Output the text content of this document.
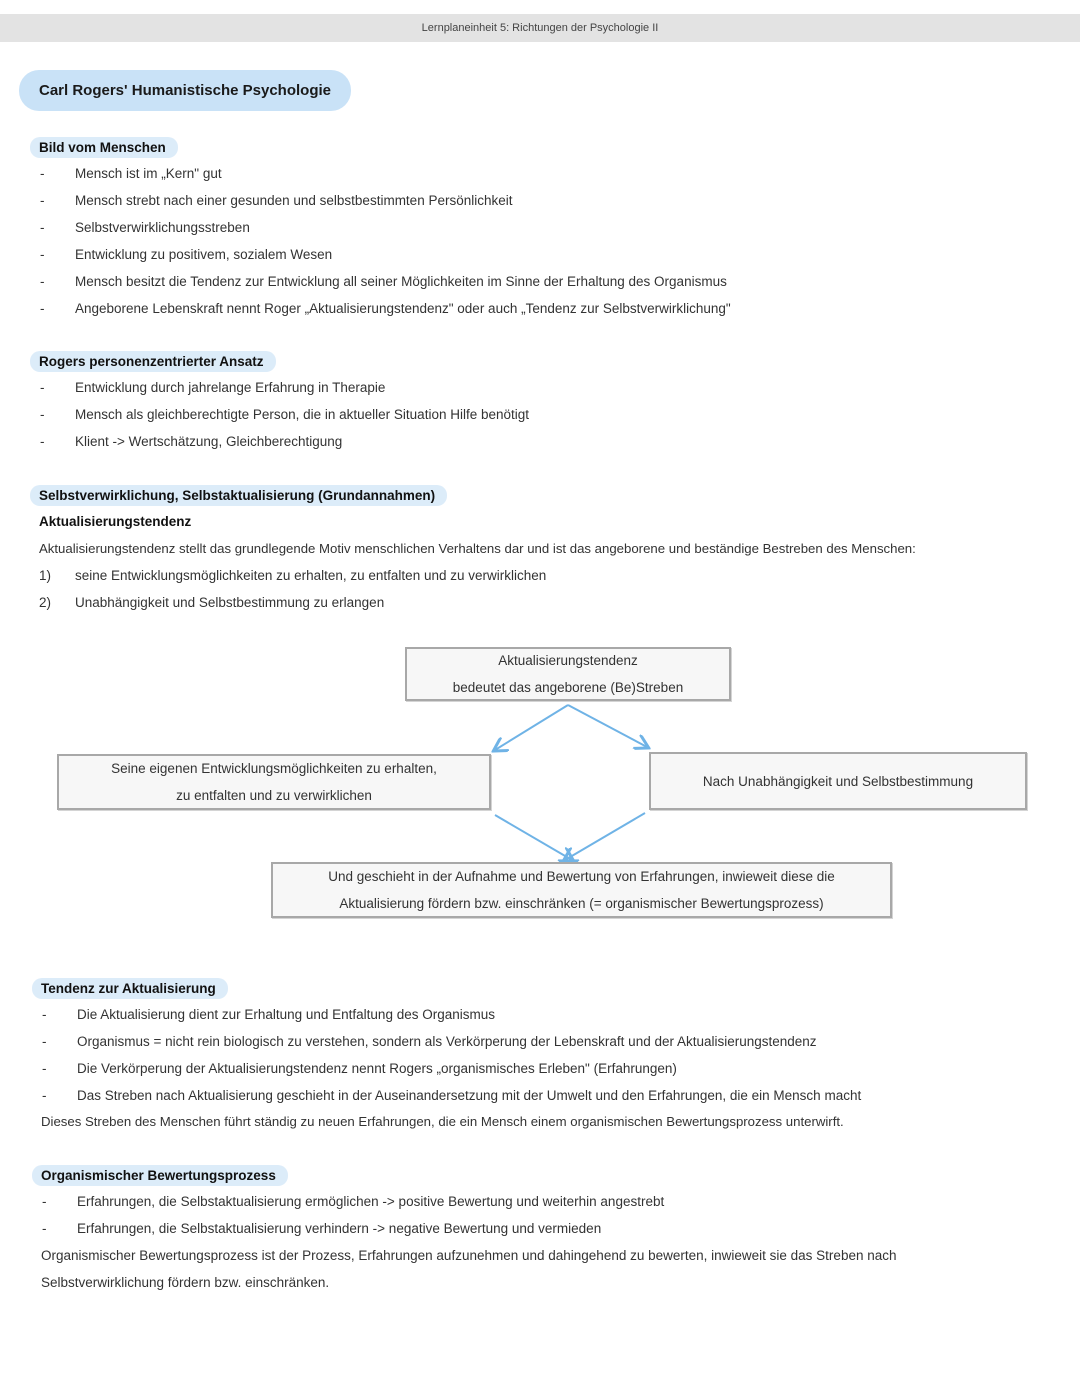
Lernplaneinheit 5: Richtungen der Psychologie II
Carl Rogers' Humanistische Psychologie
Bild vom Menschen
- Mensch ist im „Kern" gut
- Mensch strebt nach einer gesunden und selbstbestimmten Persönlichkeit
- Selbstverwirklichungsstreben
- Entwicklung zu positivem, sozialem Wesen
- Mensch besitzt die Tendenz zur Entwicklung all seiner Möglichkeiten im Sinne der Erhaltung des Organismus
- Angeborene Lebenskraft nennt Roger „Aktualisierungstendenz" oder auch „Tendenz zur Selbstverwirklichung"
Rogers personenzentrierter Ansatz
- Entwicklung durch jahrelange Erfahrung in Therapie
- Mensch als gleichberechtigte Person, die in aktueller Situation Hilfe benötigt
- Klient -> Wertschätzung, Gleichberechtigung
Selbstverwirklichung, Selbstaktualisierung (Grundannahmen)
Aktualisierungstendenz
Aktualisierungstendenz stellt das grundlegende Motiv menschlichen Verhaltens dar und ist das angeborene und beständige Bestreben des Menschen:
1) seine Entwicklungsmöglichkeiten zu erhalten, zu entfalten und zu verwirklichen
2) Unabhängigkeit und Selbstbestimmung zu erlangen
Aktualisierungstendenz
bedeutet das angeborene (Be)Streben
Seine eigenen Entwicklungsmöglichkeiten zu erhalten,
zu entfalten und zu verwirklichen
Nach Unabhängigkeit und Selbstbestimmung
Und geschieht in der Aufnahme und Bewertung von Erfahrungen, inwieweit diese die
Aktualisierung fördern bzw. einschränken (= organismischer Bewertungsprozess)
Tendenz zur Aktualisierung
- Die Aktualisierung dient zur Erhaltung und Entfaltung des Organismus
- Organismus = nicht rein biologisch zu verstehen, sondern als Verkörperung der Lebenskraft und der Aktualisierungstendenz
- Die Verkörperung der Aktualisierungstendenz nennt Rogers „organismisches Erleben" (Erfahrungen)
- Das Streben nach Aktualisierung geschieht in der Auseinandersetzung mit der Umwelt und den Erfahrungen, die ein Mensch macht
Dieses Streben des Menschen führt ständig zu neuen Erfahrungen, die ein Mensch einem organismischen Bewertungsprozess unterwirft.
Organismischer Bewertungsprozess
- Erfahrungen, die Selbstaktualisierung ermöglichen -> positive Bewertung und weiterhin angestrebt
- Erfahrungen, die Selbstaktualisierung verhindern -> negative Bewertung und vermieden
Organismischer Bewertungsprozess ist der Prozess, Erfahrungen aufzunehmen und dahingehend zu bewerten, inwieweit sie das Streben nach
Selbstverwirklichung fördern bzw. einschränken.
